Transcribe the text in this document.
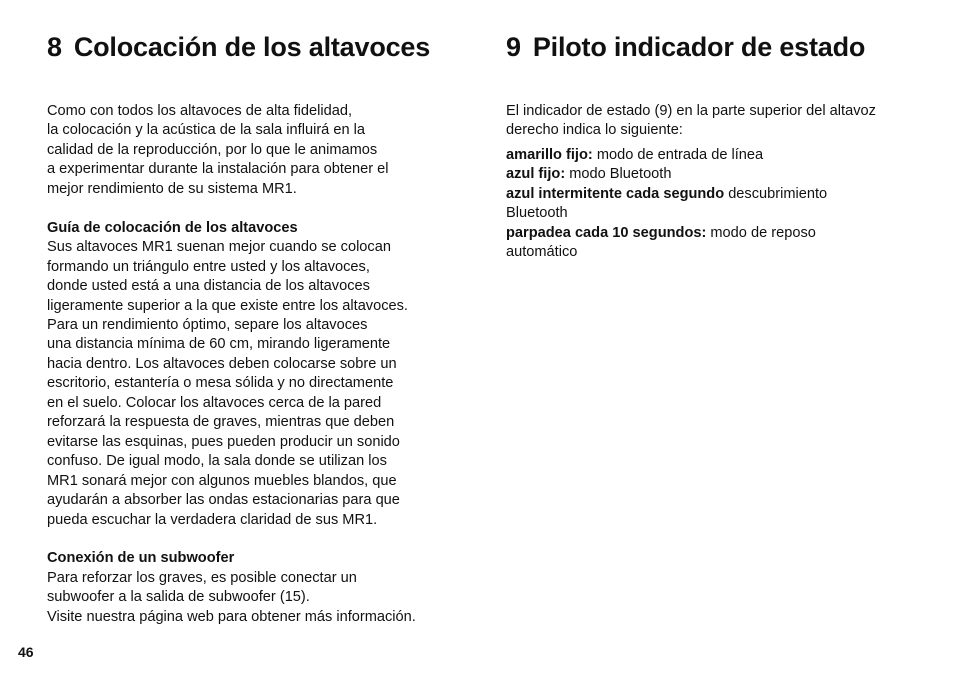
8 Colocación de los altavoces	9 Piloto indicador de estado
Como con todos los altavoces de alta fidelidad,
la colocación y la acústica de la sala influirá en la
calidad de la reproducción, por lo que le animamos
a experimentar durante la instalación para obtener el
mejor rendimiento de su sistema MR1.
Guía de colocación de los altavoces
Sus altavoces MR1 suenan mejor cuando se colocan
formando un triángulo entre usted y los altavoces,
donde usted está a una distancia de los altavoces
ligeramente superior a la que existe entre los altavoces.
Para un rendimiento óptimo, separe los altavoces
una distancia mínima de 60 cm, mirando ligeramente
hacia dentro. Los altavoces deben colocarse sobre un
escritorio, estantería o mesa sólida y no directamente
en el suelo. Colocar los altavoces cerca de la pared
reforzará la respuesta de graves, mientras que deben
evitarse las esquinas, pues pueden producir un sonido
confuso. De igual modo, la sala donde se utilizan los
MR1 sonará mejor con algunos muebles blandos, que
ayudarán a absorber las ondas estacionarias para que
pueda escuchar la verdadera claridad de sus MR1.
Conexión de un subwoofer
Para reforzar los graves, es posible conectar un
subwoofer a la salida de subwoofer (15).
Visite nuestra página web para obtener más información.
El indicador de estado (9) en la parte superior del altavoz
derecho indica lo siguiente:
amarillo fijo: modo de entrada de línea
azul fijo: modo Bluetooth
azul intermitente cada segundo descubrimiento
Bluetooth
parpadea cada 10 segundos: modo de reposo
automático
46
